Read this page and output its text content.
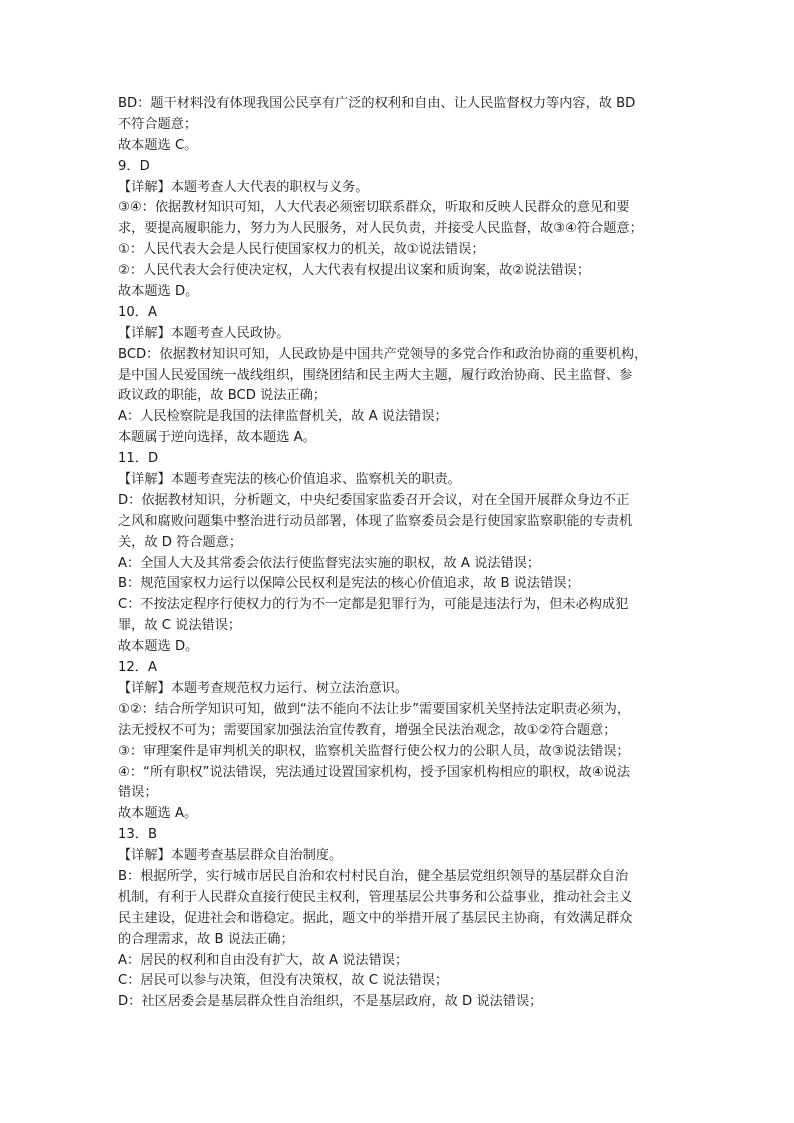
BD：题干材料没有体现我国公民享有广泛的权利和自由、让人民监督权力等内容，故 BD
不符合题意；
故本题选 C。
9．D
【详解】本题考查人大代表的职权与义务。
③④：依据教材知识可知，人大代表必须密切联系群众，听取和反映人民群众的意见和要
求，要提高履职能力，努力为人民服务，对人民负责，并接受人民监督，故③④符合题意；
①：人民代表大会是人民行使国家权力的机关，故①说法错误；
②：人民代表大会行使决定权，人大代表有权提出议案和质询案，故②说法错误；
故本题选 D。
10．A
【详解】本题考查人民政协。
BCD：依据教材知识可知，人民政协是中国共产党领导的多党合作和政治协商的重要机构，
是中国人民爱国统一战线组织，围绕团结和民主两大主题，履行政治协商、民主监督、参
政议政的职能，故 BCD 说法正确；
A：人民检察院是我国的法律监督机关，故 A 说法错误；
本题属于逆向选择，故本题选 A。
11．D
【详解】本题考查宪法的核心价值追求、监察机关的职责。
D：依据教材知识，分析题文，中央纪委国家监委召开会议，对在全国开展群众身边不正
之风和腐败问题集中整治进行动员部署，体现了监察委员会是行使国家监察职能的专责机
关，故 D 符合题意；
A：全国人大及其常委会依法行使监督宪法实施的职权，故 A 说法错误；
B：规范国家权力运行以保障公民权利是宪法的核心价值追求，故 B 说法错误；
C：不按法定程序行使权力的行为不一定都是犯罪行为，可能是违法行为，但未必构成犯
罪，故 C 说法错误；
故本题选 D。
12．A
【详解】本题考查规范权力运行、树立法治意识。
①②：结合所学知识可知，做到“法不能向不法让步”需要国家机关坚持法定职责必须为，
法无授权不可为；需要国家加强法治宣传教育，增强全民法治观念，故①②符合题意；
③：审理案件是审判机关的职权，监察机关监督行使公权力的公职人员，故③说法错误；
④：“所有职权”说法错误，宪法通过设置国家机构，授予国家机构相应的职权，故④说法
错误；
故本题选 A。
13．B
【详解】本题考查基层群众自治制度。
B：根据所学，实行城市居民自治和农村村民自治，健全基层党组织领导的基层群众自治
机制，有利于人民群众直接行使民主权利，管理基层公共事务和公益事业，推动社会主义
民主建设，促进社会和谐稳定。据此，题文中的举措开展了基层民主协商，有效满足群众
的合理需求，故 B 说法正确；
A：居民的权利和自由没有扩大，故 A 说法错误；
C：居民可以参与决策，但没有决策权，故 C 说法错误；
D：社区居委会是基层群众性自治组织，不是基层政府，故 D 说法错误；
